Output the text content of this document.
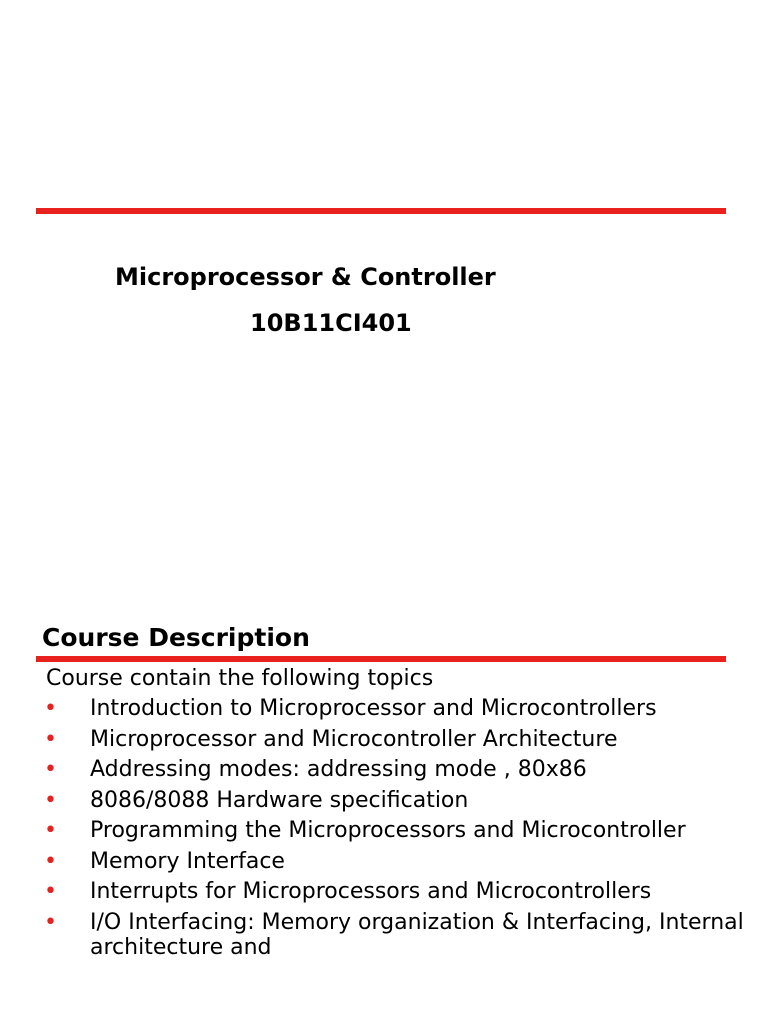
Microprocessor & Controller
10B11CI401
Course Description
Course contain the following topics
• Introduction to Microprocessor and Microcontrollers
• Microprocessor and Microcontroller Architecture
• Addressing modes: addressing mode , 80x86
• 8086/8088 Hardware specification
• Programming the Microprocessors and Microcontroller
• Memory Interface
• Interrupts for Microprocessors and Microcontrollers
• I/O Interfacing: Memory organization & Interfacing, Internal architecture and
